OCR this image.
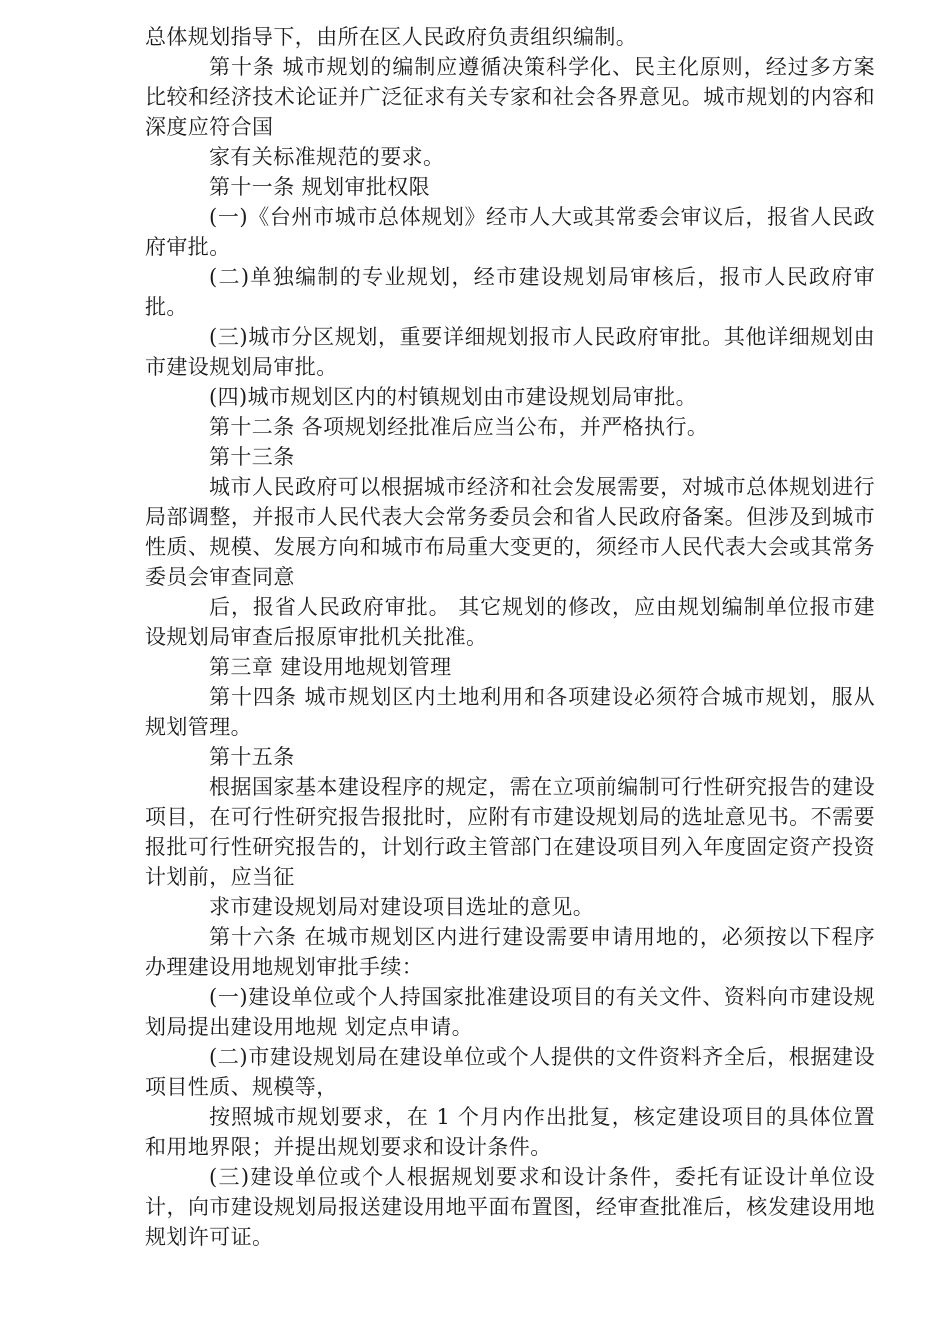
总体规划指导下，由所在区人民政府负责组织编制。

第十条 城市规划的编制应遵循决策科学化、民主化原则，经过多方案比较和经济技术论证并广泛征求有关专家和社会各界意见。城市规划的内容和深度应符合国

家有关标准规范的要求。

第十一条 规划审批权限

(一)《台州市城市总体规划》经市人大或其常委会审议后，报省人民政府审批。

(二)单独编制的专业规划，经市建设规划局审核后，报市人民政府审批。

(三)城市分区规划，重要详细规划报市人民政府审批。其他详细规划由市建设规划局审批。

(四)城市规划区内的村镇规划由市建设规划局审批。

第十二条 各项规划经批准后应当公布，并严格执行。

第十三条

城市人民政府可以根据城市经济和社会发展需要，对城市总体规划进行局部调整，并报市人民代表大会常务委员会和省人民政府备案。但涉及到城市性质、规模、发展方向和城市布局重大变更的，须经市人民代表大会或其常务委员会审查同意

后，报省人民政府审批。 其它规划的修改，应由规划编制单位报市建设规划局审查后报原审批机关批准。

第三章 建设用地规划管理

第十四条 城市规划区内土地利用和各项建设必须符合城市规划，服从规划管理。

第十五条

根据国家基本建设程序的规定，需在立项前编制可行性研究报告的建设项目，在可行性研究报告报批时，应附有市建设规划局的选址意见书。不需要报批可行性研究报告的，计划行政主管部门在建设项目列入年度固定资产投资计划前，应当征

求市建设规划局对建设项目选址的意见。

第十六条 在城市规划区内进行建设需要申请用地的，必须按以下程序办理建设用地规划审批手续：

(一)建设单位或个人持国家批准建设项目的有关文件、资料向市建设规划局提出建设用地规 划定点申请。

(二)市建设规划局在建设单位或个人提供的文件资料齐全后，根据建设项目性质、规模等，

按照城市规划要求，在 1 个月内作出批复，核定建设项目的具体位置和用地界限；并提出规划要求和设计条件。

(三)建设单位或个人根据规划要求和设计条件，委托有证设计单位设计，向市建设规划局报送建设用地平面布置图，经审查批准后，核发建设用地规划许可证。
